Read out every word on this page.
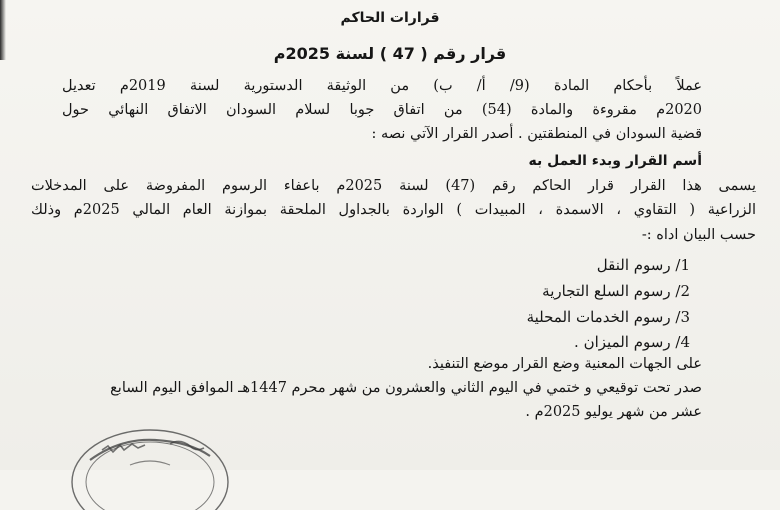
قرارات الحاكم
قرار رقم ( 47 ) لسنة 2025م
عملاً بأحكام المادة (9/ أ/ ب) من الوثيقة الدستورية لسنة 2019م تعديل
2020م مقروءة والمادة (54) من اتفاق جوبا لسلام السودان الاتفاق النهائي حول
قضية السودان في المنطقتين . أصدر القرار الآتي نصه :
أسم القرار وبدء العمل به
يسمى هذا القرار قرار الحاكم رقم (47) لسنة 2025م باعفاء الرسوم المفروضة على المدخلات
الزراعية ( التقاوي ، الاسمدة ، المبيدات ) الواردة بالجداول الملحقة بموازنة العام المالي 2025م وذلك
حسب البيان اداه :-
1/ رسوم النقل
2/ رسوم السلع التجارية
3/ رسوم الخدمات المحلية
4/ رسوم الميزان .
على الجهات المعنية وضع القرار موضع التنفيذ.
صدر تحت توقيعي و ختمي في اليوم الثاني والعشرون من شهر محرم 1447هـ الموافق اليوم السابع
عشر من شهر يوليو 2025م .
